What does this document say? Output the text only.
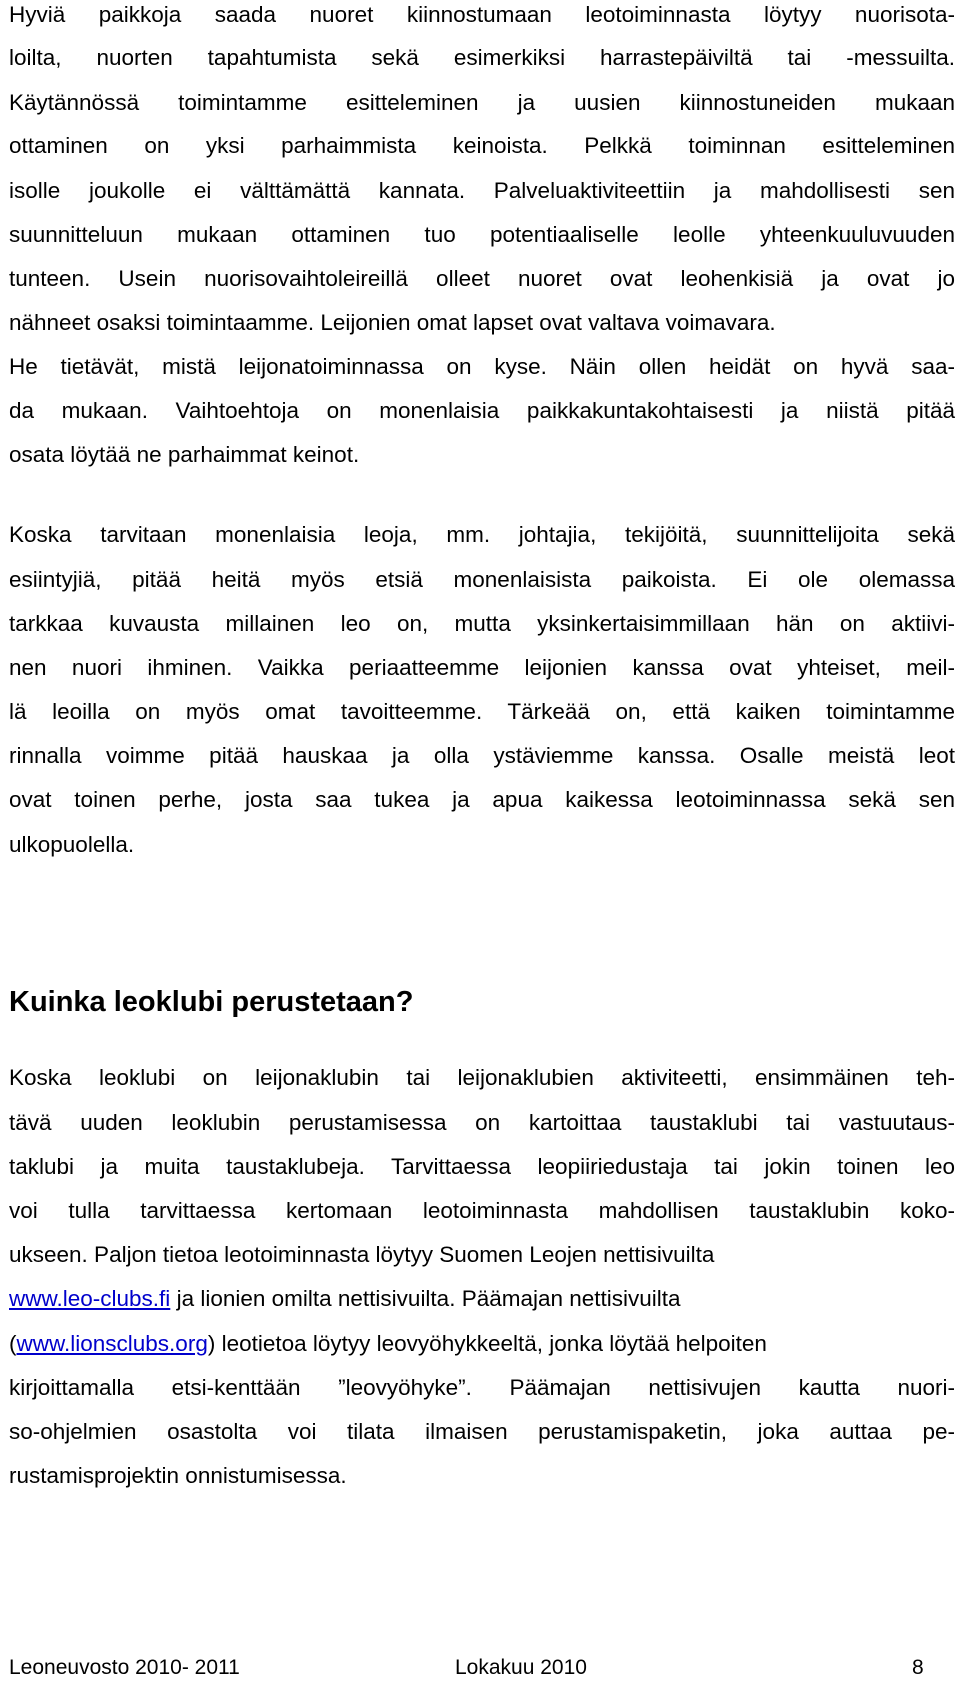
Hyviä paikkoja saada nuoret kiinnostumaan leotoiminnasta löytyy nuorisota-
loilta, nuorten tapahtumista sekä esimerkiksi harrastepäiviltä tai -messuilta.
Käytännössä toimintamme esitteleminen ja uusien kiinnostuneiden mukaan
ottaminen on yksi parhaimmista keinoista. Pelkkä toiminnan esitteleminen
isolle joukolle ei välttämättä kannata. Palveluaktiviteettiin ja mahdollisesti sen
suunnitteluun mukaan ottaminen tuo potentiaaliselle leolle yhteenkuuluvuuden
tunteen. Usein nuorisovaihtoleireillä olleet nuoret ovat leohenkisiä ja ovat jo
nähneet osaksi toimintaamme. Leijonien omat lapset ovat valtava voimavara.
He tietävät, mistä leijonatoiminnassa on kyse. Näin ollen heidät on hyvä saa-
da mukaan. Vaihtoehtoja on monenlaisia paikkakuntakohtaisesti ja niistä pitää
osata löytää ne parhaimmat keinot.
Koska tarvitaan monenlaisia leoja, mm. johtajia, tekijöitä, suunnittelijoita sekä
esiintyjiä, pitää heitä myös etsiä monenlaisista paikoista. Ei ole olemassa
tarkkaa kuvausta millainen leo on, mutta yksinkertaisimmillaan hän on aktiivi-
nen nuori ihminen. Vaikka periaatteemme leijonien kanssa ovat yhteiset, meil-
lä leoilla on myös omat tavoitteemme. Tärkeää on, että kaiken toimintamme
rinnalla voimme pitää hauskaa ja olla ystäviemme kanssa. Osalle meistä leot
ovat toinen perhe, josta saa tukea ja apua kaikessa leotoiminnassa sekä sen
ulkopuolella.
Kuinka leoklubi perustetaan?
Koska leoklubi on leijonaklubin tai leijonaklubien aktiviteetti, ensimmäinen teh-
tävä uuden leoklubin perustamisessa on kartoittaa taustaklubi tai vastuutaus-
taklubi ja muita taustaklubeja. Tarvittaessa leopiiriedustaja tai jokin toinen leo
voi tulla tarvittaessa kertomaan leotoiminnasta mahdollisen taustaklubin koko-
ukseen. Paljon tietoa leotoiminnasta löytyy Suomen Leojen nettisivuilta
www.leo-clubs.fi ja lionien omilta nettisivuilta. Päämajan nettisivuilta
(www.lionsclubs.org) leotietoa löytyy leovyöhykkeeltä, jonka löytää helpoiten
kirjoittamalla etsi-kenttään ”leovyöhyke”. Päämajan nettisivujen kautta nuori-
so-ohjelmien osastolta voi tilata ilmaisen perustamispaketin, joka auttaa pe-
rustamisprojektin onnistumisessa.
Leoneuvosto 2010- 2011	Lokakuu 2010	8
